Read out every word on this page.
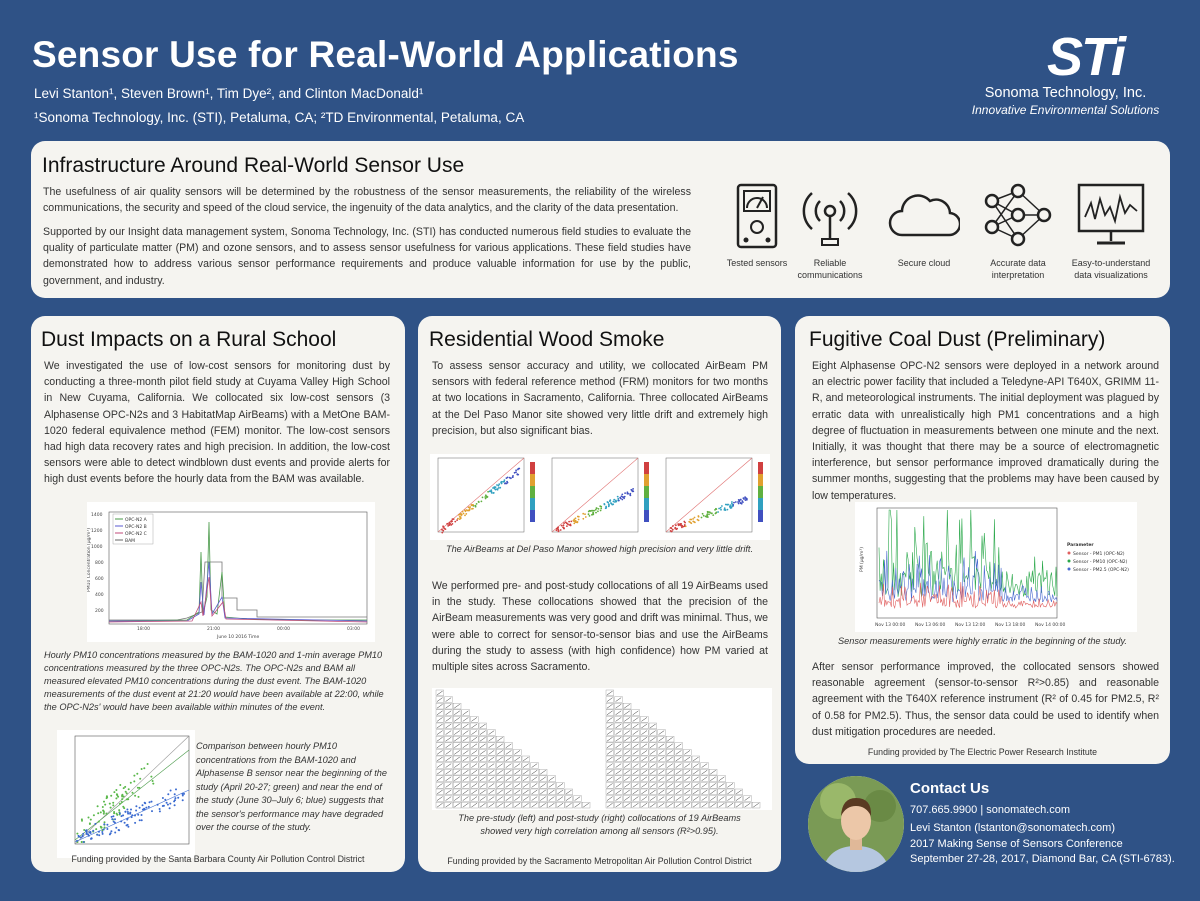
Sensor Use for Real-World Applications
Levi Stanton¹, Steven Brown¹, Tim Dye², and Clinton MacDonald¹
¹Sonoma Technology, Inc. (STI), Petaluma, CA; ²TD Environmental, Petaluma, CA
STi
Sonoma Technology, Inc.
Innovative Environmental Solutions
Infrastructure Around Real-World Sensor Use
The usefulness of air quality sensors will be determined by the robustness of the sensor measurements, the reliability of the wireless communications, the security and speed of the cloud service, the ingenuity of the data analytics, and the clarity of the data presentation.
Supported by our Insight data management system, Sonoma Technology, Inc. (STI) has conducted numerous field studies to evaluate the quality of particulate matter (PM) and ozone sensors, and to assess sensor usefulness for various applications. These field studies have demonstrated how to address various sensor performance requirements and produce valuable information for use by the public, government, and industry.
Tested sensors	Reliable
communications
Secure cloud	Accurate data
interpretation
Easy-to-understand
data visualizations
Dust Impacts on a Rural School
We investigated the use of low-cost sensors for monitoring dust by conducting a three-month pilot field study at Cuyama Valley High School in New Cuyama, California. We collocated six low-cost sensors (3 Alphasense OPC-N2s and 3 HabitatMap AirBeams) with a MetOne BAM-1020 federal equivalence method (FEM) monitor. The low-cost sensors had high data recovery rates and high precision. In addition, the low-cost sensors were able to detect windblown dust events and provide alerts for high dust events before the hourly data from the BAM was available.
1400
1200
1000
800
600
400
200
18:00	21:00	00:00	03:00
June 10 2016 Time
PM10 Concentration (µg/m³)
OPC-N2 A
OPC-N2 B
OPC-N2 C
BAM
Hourly PM10 concentrations measured by the BAM-1020 and 1-min average PM10 concentrations measured by the three OPC-N2s. The OPC-N2s and BAM all measured elevated PM10 concentrations during the dust event. The BAM-1020 measurements of the dust event at 21:20 would have been available at 22:00, while the OPC-N2s' would have been available within minutes of the event.
Comparison between hourly PM10 concentrations from the BAM-1020 and Alphasense B sensor near the beginning of the study (April 20-27; green) and near the end of the study (June 30–July 6; blue) suggests that the sensor's performance may have degraded over the course of the study.
Funding provided by the Santa Barbara County Air Pollution Control District
Residential Wood Smoke
To assess sensor accuracy and utility, we collocated AirBeam PM sensors with federal reference method (FRM) monitors for two months at two locations in Sacramento, California. Three collocated AirBeams at the Del Paso Manor site showed very little drift and extremely high precision, but also significant bias.
The AirBeams at Del Paso Manor showed high precision and very little drift.
We performed pre- and post-study collocations of all 19 AirBeams used in the study. These collocations showed that the precision of the AirBeam measurements was very good and drift was minimal. Thus, we were able to correct for sensor-to-sensor bias and use the AirBeams during the study to assess (with high confidence) how PM varied at multiple sites across Sacramento.
The pre-study (left) and post-study (right) collocations of 19 AirBeams
showed very high correlation among all sensors (R²>0.95).
Funding provided by the Sacramento Metropolitan Air Pollution Control District
Fugitive Coal Dust (Preliminary)
Eight Alphasense OPC-N2 sensors were deployed in a network around an electric power facility that included a Teledyne-API T640X, GRIMM 11-R, and meteorological instruments. The initial deployment was plagued by erratic data with unrealistically high PM1 concentrations and a high degree of fluctuation in measurements between one minute and the next. Initially, it was thought that there may be a source of electromagnetic interference, but sensor performance improved dramatically during the summer months, suggesting that the problems may have been caused by low temperatures.
Nov 13 00:00 Nov 13 06:00 Nov 13 12:00 Nov 13 18:00 Nov 14 00:00
PM (µg/m³)
Parameter
Sensor - PM1 (OPC-N2)
Sensor - PM10 (OPC-N2)
Sensor - PM2.5 (OPC-N2)
Sensor measurements were highly erratic in the beginning of the study.
After sensor performance improved, the collocated sensors showed reasonable agreement (sensor-to-sensor R²>0.85) and reasonable agreement with the T640X reference instrument (R² of 0.45 for PM2.5, R² of 0.58 for PM2.5). Thus, the sensor data could be used to identify when dust mitigation procedures are needed.
Funding provided by The Electric Power Research Institute
Contact Us
707.665.9900 | sonomatech.com
Levi Stanton (lstanton@sonomatech.com)
2017 Making Sense of Sensors Conference
September 27-28, 2017, Diamond Bar, CA (STI-6783).
